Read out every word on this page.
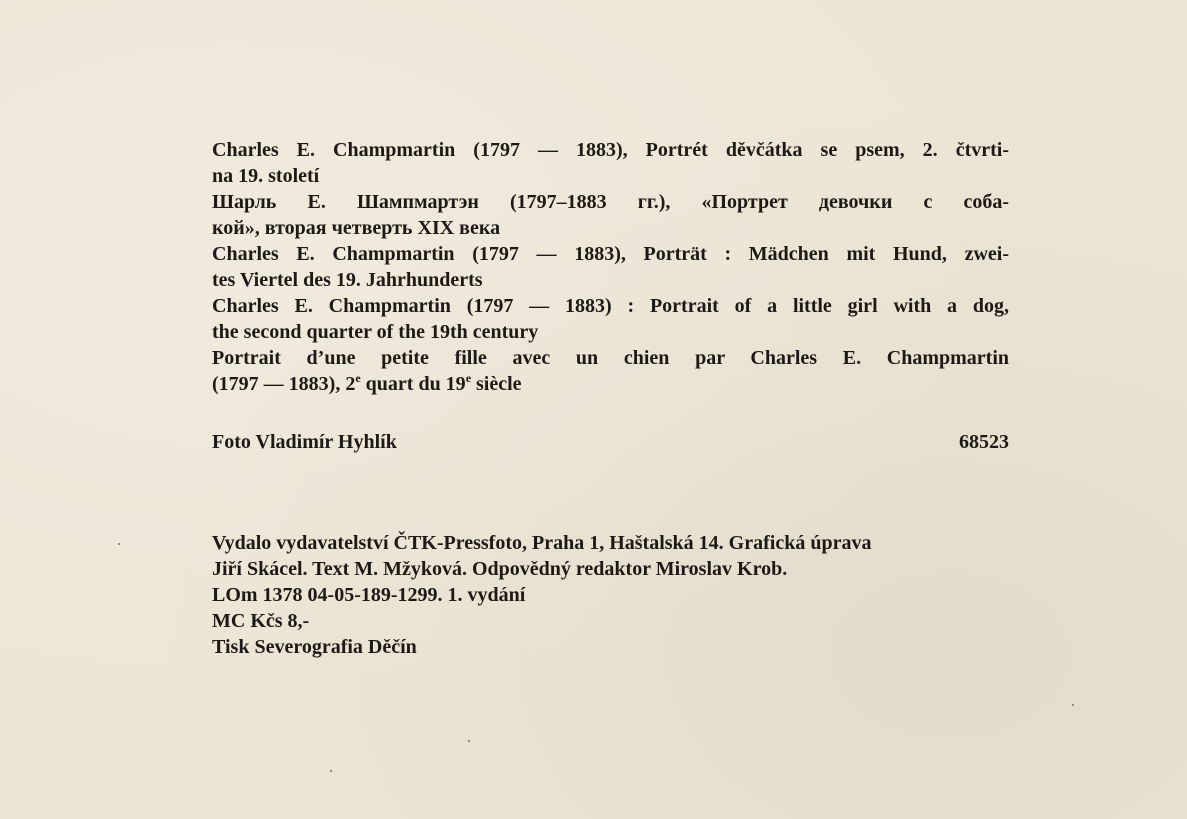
Charles E. Champmartin (1797 — 1883), Portrét děvčátka se psem, 2. čtvrti-
na 19. století
Шарль Е. Шампмартэн (1797–1883 гг.), «Портрет девочки с соба-
кой», вторая четверть XIX века
Charles E. Champmartin (1797 — 1883), Porträt : Mädchen mit Hund, zwei-
tes Viertel des 19. Jahrhunderts
Charles E. Champmartin (1797 — 1883) : Portrait of a little girl with a dog,
the second quarter of the 19th century
Portrait d’une petite fille avec un chien par Charles E. Champmartin
(1797 — 1883), 2e quart du 19e siècle
Foto Vladimír Hyhlík	68523
Vydalo vydavatelství ČTK-Pressfoto, Praha 1, Haštalská 14. Grafická úprava
Jiří Skácel. Text M. Mžyková. Odpovědný redaktor Miroslav Krob.
LOm 1378 04-05-189-1299. 1. vydání
MC Kčs 8,-
Tisk Severografia Děčín
